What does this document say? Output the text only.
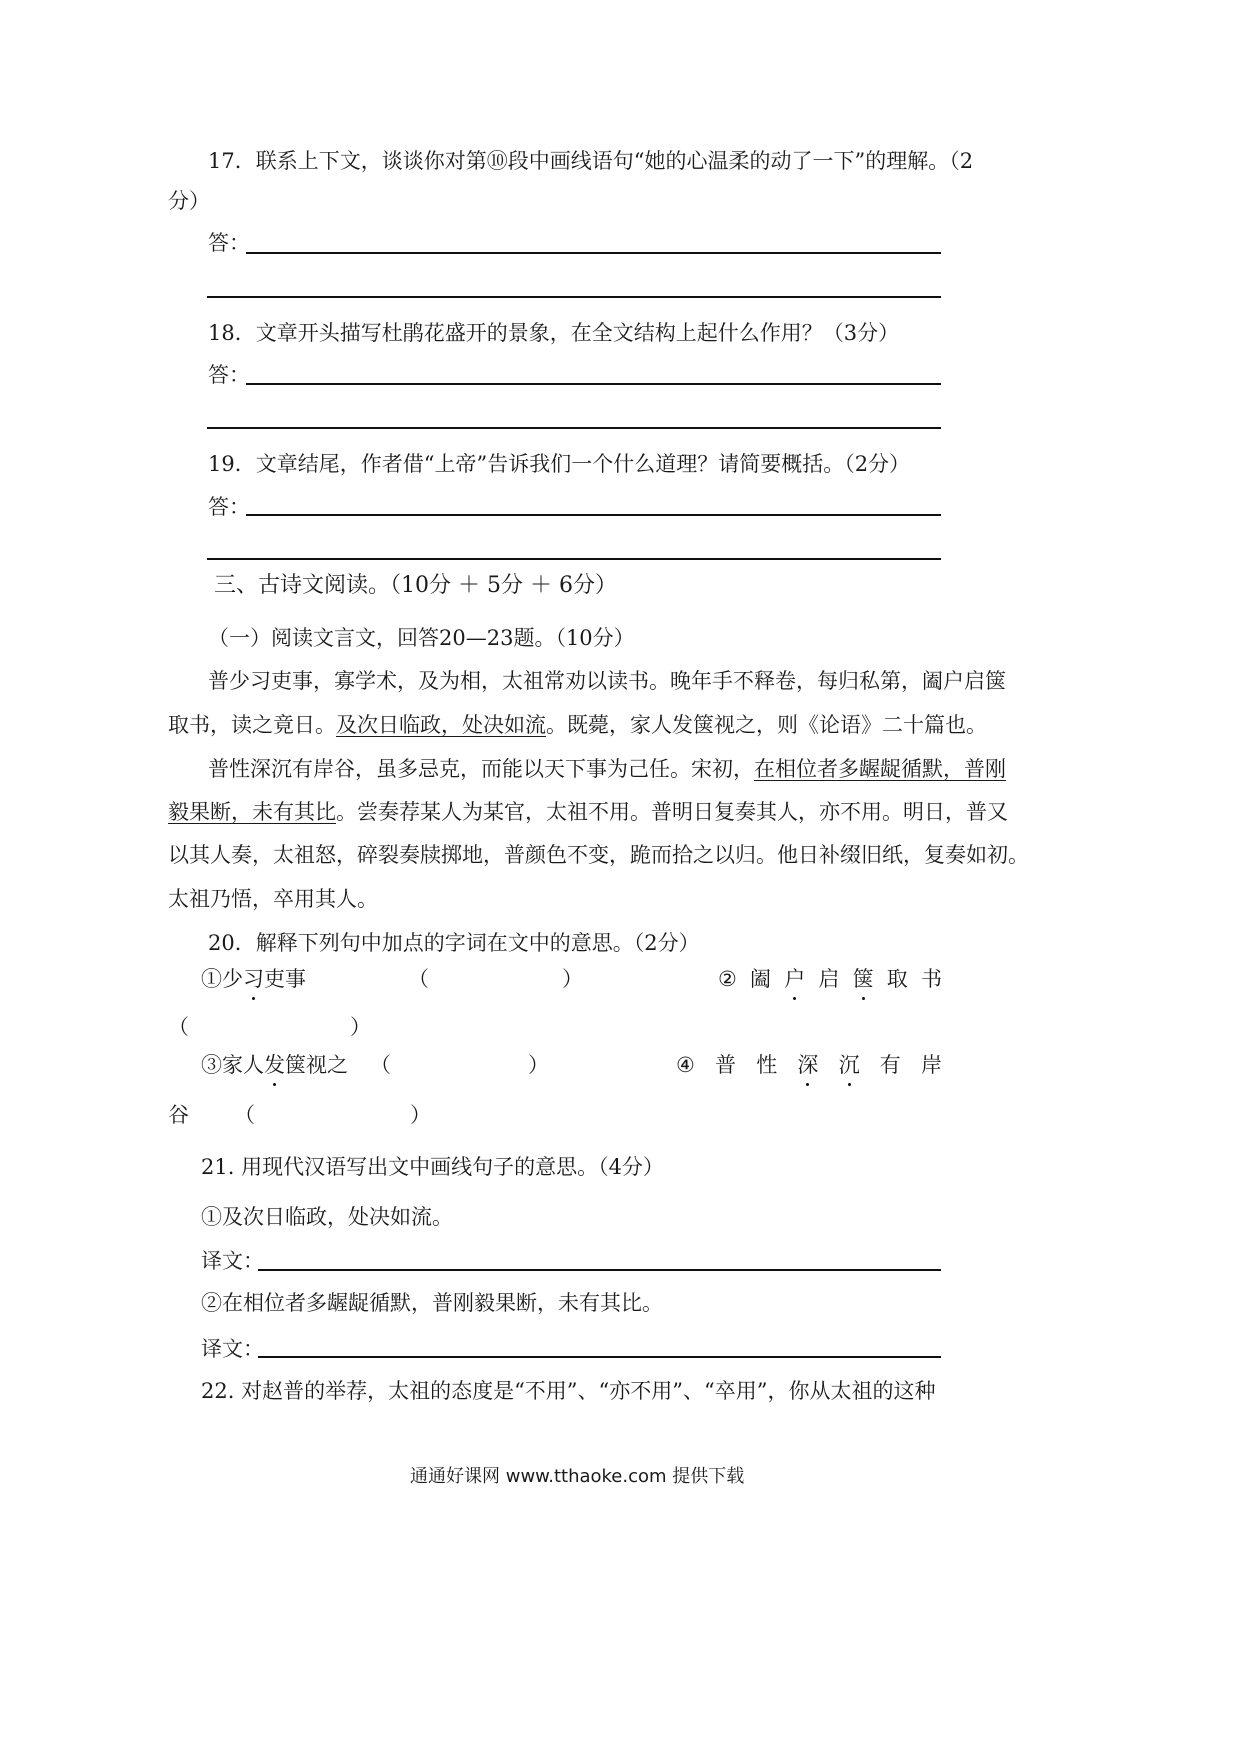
17．联系上下文，谈谈你对第⑩段中画线语句“她的心温柔的动了一下”的理解。（2
分）
答：
18．文章开头描写杜鹃花盛开的景象，在全文结构上起什么作用？（3分）
答：
19．文章结尾，作者借“上帝”告诉我们一个什么道理？请简要概括。（2分）
答：
三、古诗文阅读。（10分 ＋ 5分 ＋ 6分）
（一）阅读文言文，回答20—23题。（10分）
普少习吏事，寡学术，及为相，太祖常劝以读书。晚年手不释卷，每归私第，阖户启箧
取书，读之竟日。及次日临政，处决如流。既薨，家人发箧视之，则《论语》二十篇也。
普性深沉有岸谷，虽多忌克，而能以天下事为己任。宋初，在相位者多龌龊循默，普刚
毅果断，未有其比。尝奏荐某人为某官，太祖不用。普明日复奏其人，亦不用。明日，普又
以其人奏，太祖怒，碎裂奏牍掷地，普颜色不变，跪而拾之以归。他日补缀旧纸，复奏如初。
太祖乃悟，卒用其人。
20．解释下列句中加点的字词在文中的意思。（2分）
①少习吏事	（	）	② 阖 户 启 箧 取 书
（	）
③家人发箧视之 （	）	④ 普 性 深 沉 有 岸
谷 （	）
21. 用现代汉语写出文中画线句子的意思。（4分）
①及次日临政，处决如流。
译文：
②在相位者多龌龊循默，普刚毅果断，未有其比。
译文：
22. 对赵普的举荐，太祖的态度是“不用”、“亦不用”、“卒用”，你从太祖的这种
通通好课网 www.tthaoke.com 提供下载
